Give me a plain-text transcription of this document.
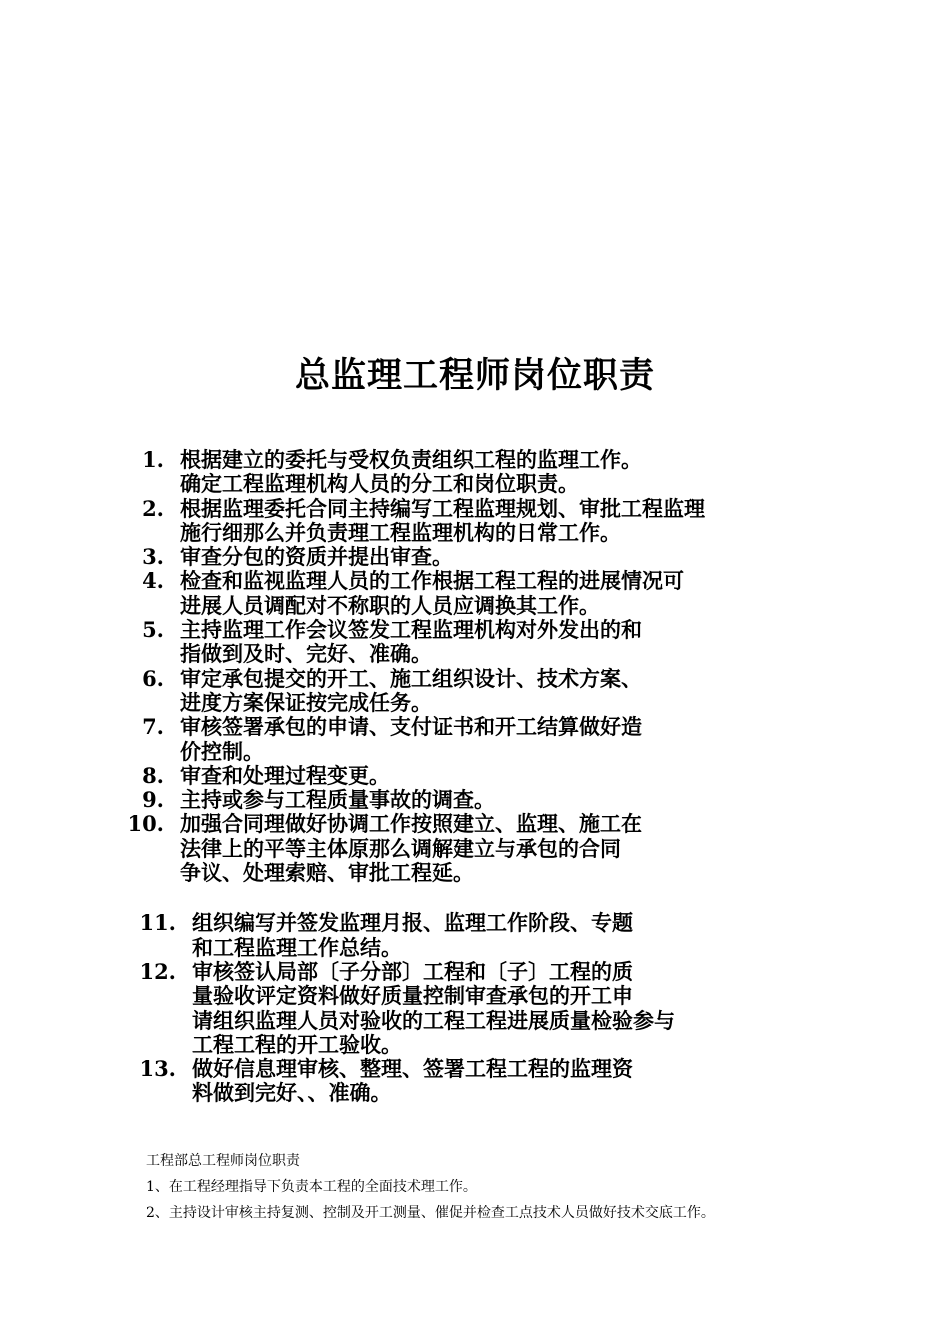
总监理工程师岗位职责
1. 根据建立的委托与受权负责组织工程的监理工作。
确定工程监理机构人员的分工和岗位职责。
2. 根据监理委托合同主持编写工程监理规划、审批工程监理
施行细那么并负责理工程监理机构的日常工作。
3. 审查分包的资质并提出审查。
4. 检查和监视监理人员的工作根据工程工程的进展情况可
进展人员调配对不称职的人员应调换其工作。
5. 主持监理工作会议签发工程监理机构对外发出的和
指做到及时、完好、准确。
6. 审定承包提交的开工、施工组织设计、技术方案、
进度方案保证按完成任务。
7. 审核签署承包的申请、支付证书和开工结算做好造
价控制。
8. 审查和处理过程变更。
9. 主持或参与工程质量事故的调查。
10. 加强合同理做好协调工作按照建立、监理、施工在
法律上的平等主体原那么调解建立与承包的合同
争议、处理索赔、审批工程延。
11. 组织编写并签发监理月报、监理工作阶段、专题
和工程监理工作总结。
12. 审核签认局部〔子分部〕工程和〔子〕工程的质
量验收评定资料做好质量控制审查承包的开工申
请组织监理人员对验收的工程工程进展质量检验参与
工程工程的开工验收。
13. 做好信息理审核、整理、签署工程工程的监理资
料做到完好、、准确。
工程部总工程师岗位职责
1、在工程经理指导下负责本工程的全面技术理工作。
2、主持设计审核主持复测、控制及开工测量、催促并检查工点技术人员做好技术交底工作。
